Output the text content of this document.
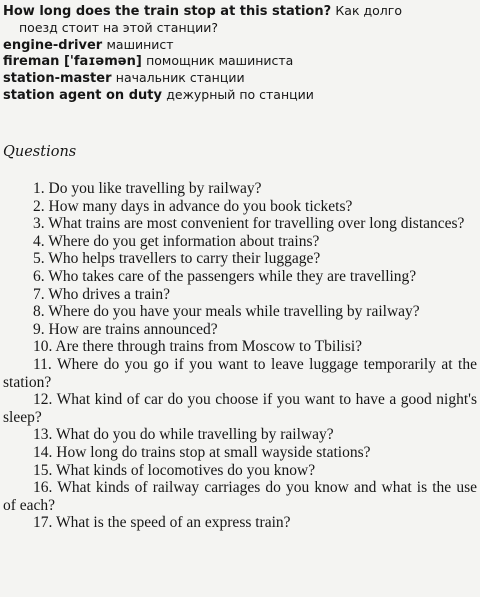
How long does the train stop at this station? Как долго
поезд стоит на этой станции?
engine-driver машинист
fireman ['faɪəmən] помощник машиниста
station-master начальник станции
station agent on duty дежурный по станции
Questions
1. Do you like travelling by railway?
2. How many days in advance do you book tickets?
3. What trains are most convenient for travelling over long distances?
4. Where do you get information about trains?
5. Who helps travellers to carry their luggage?
6. Who takes care of the passengers while they are travelling?
7. Who drives a train?
8. Where do you have your meals while travelling by railway?
9. How are trains announced?
10. Are there through trains from Moscow to Tbilisi?
11. Where do you go if you want to leave luggage temporarily at the station?
12. What kind of car do you choose if you want to have a good night's sleep?
13. What do you do while travelling by railway?
14. How long do trains stop at small wayside stations?
15. What kinds of locomotives do you know?
16. What kinds of railway carriages do you know and what is the use of each?
17. What is the speed of an express train?
